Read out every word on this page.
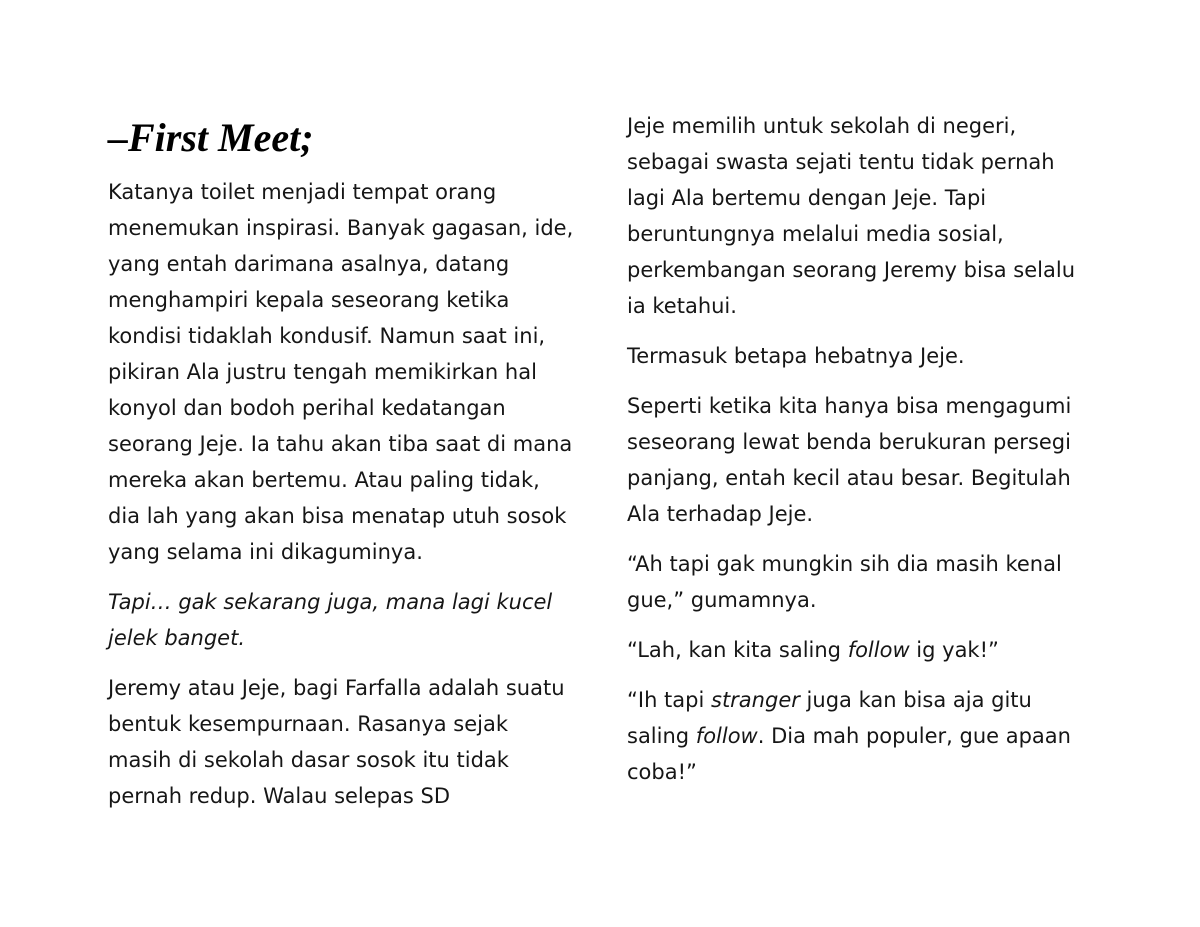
–First Meet;

Katanya toilet menjadi tempat orang menemukan inspirasi. Banyak gagasan, ide, yang entah darimana asalnya, datang menghampiri kepala seseorang ketika kondisi tidaklah kondusif. Namun saat ini, pikiran Ala justru tengah memikirkan hal konyol dan bodoh perihal kedatangan seorang Jeje. Ia tahu akan tiba saat di mana mereka akan bertemu. Atau paling tidak, dia lah yang akan bisa menatap utuh sosok yang selama ini dikaguminya.

Tapi… gak sekarang juga, mana lagi kucel jelek banget.

Jeremy atau Jeje, bagi Farfalla adalah suatu bentuk kesempurnaan. Rasanya sejak masih di sekolah dasar sosok itu tidak pernah redup. Walau selepas SD

Jeje memilih untuk sekolah di negeri, sebagai swasta sejati tentu tidak pernah lagi Ala bertemu dengan Jeje. Tapi beruntungnya melalui media sosial, perkembangan seorang Jeremy bisa selalu ia ketahui.

Termasuk betapa hebatnya Jeje.

Seperti ketika kita hanya bisa mengagumi seseorang lewat benda berukuran persegi panjang, entah kecil atau besar. Begitulah Ala terhadap Jeje.

“Ah tapi gak mungkin sih dia masih kenal gue,” gumamnya.

“Lah, kan kita saling follow ig yak!”

“Ih tapi stranger juga kan bisa aja gitu saling follow. Dia mah populer, gue apaan coba!”
